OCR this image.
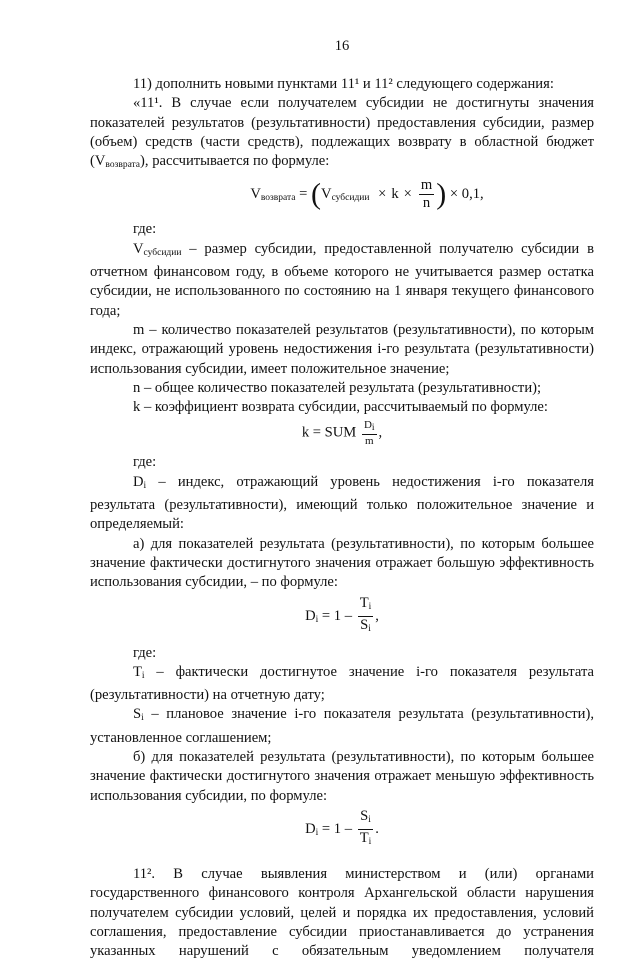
16

11) дополнить новыми пунктами 11¹ и 11² следующего содержания:

«11¹. В случае если получателем субсидии не достигнуты значения показателей результатов (результативности) предоставления субсидии, размер (объем) средств (части средств), подлежащих возврату в областной бюджет $(V_{возврата})$, рассчитывается по формуле:

$V_{возврата} = (V_{субсидии} \times k \times \frac{m}{n}$ ) × 0,1,

где:

$V_{субсидии}$ – размер субсидии, предоставленной получателю субсидии в отчетном финансовом году, в объеме которого не учитывается размер остатка субсидии, не использованного по состоянию на 1 января текущего финансового года;

m – количество показателей результатов (результативности), по которым индекс, отражающий уровень недостижения i-го результата (результативности) использования субсидии, имеет положительное значение;

n – общее количество показателей результата (результативности);

k – коэффициент возврата субсидии, рассчитываемый по формуле:

k = SUM $\frac{D_i}{m}$ ,

где:

$D_i$ – индекс, отражающий уровень недостижения i-го показателя результата (результативности), имеющий только положительное значение и определяемый:

а) для показателей результата (результативности), по которым большее значение фактически достигнутого значения отражает большую эффективность использования субсидии, – по формуле:

$D_i = 1 - \frac{T_i}{S_i}$ ,

где:

$T_i$ – фактически достигнутое значение i-го показателя результата (результативности) на отчетную дату;

$S_i$ – плановое значение i-го показателя результата (результативности), установленное соглашением;

б) для показателей результата (результативности), по которым большее значение фактически достигнутого значения отражает меньшую эффективность использования субсидии, по формуле:

$D_i = 1 - \frac{S_i}{T_i}$ .

11². В случае выявления министерством и (или) органами государственного финансового контроля Архангельской области нарушения получателем субсидии условий, целей и порядка их предоставления, условий соглашения, предоставление субсидии приостанавливается до устранения указанных нарушений с обязательным уведомлением получателя
